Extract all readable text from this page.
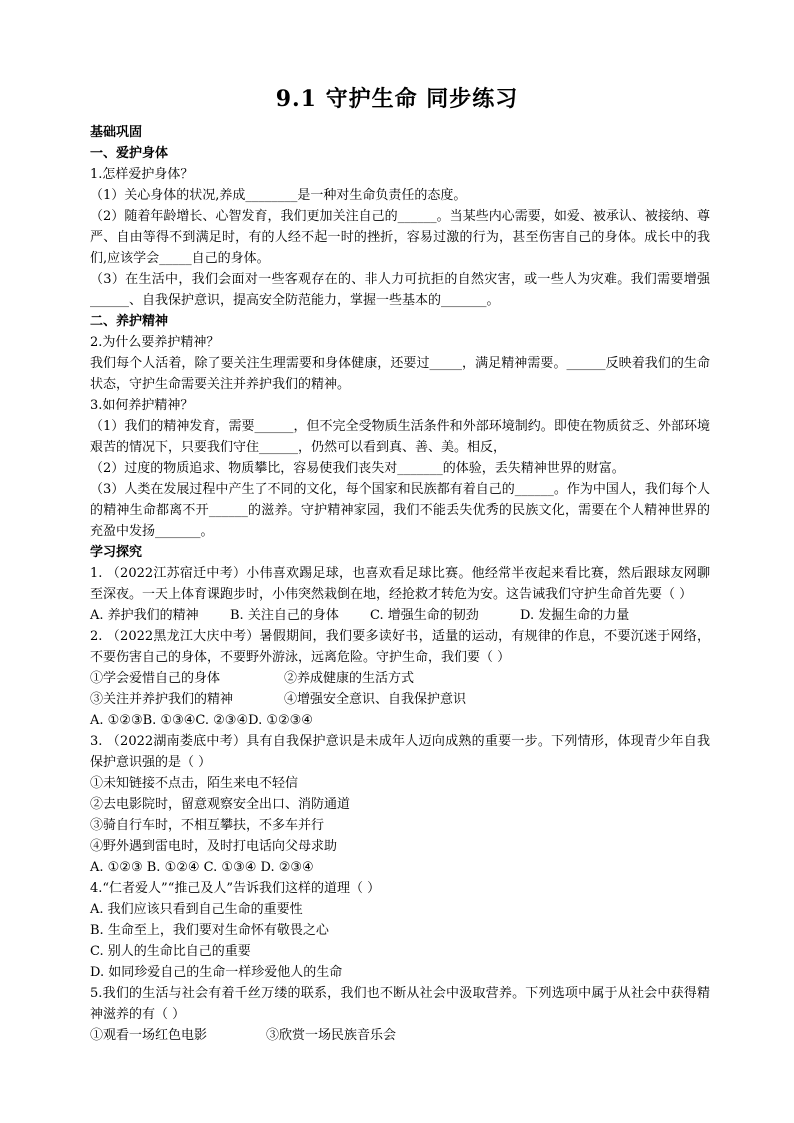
9.1 守护生命 同步练习
基础巩固
一、爱护身体
1.怎样爱护身体？
（1）关心身体的状况,养成________是一种对生命负责任的态度。
（2）随着年龄增长、心智发育，我们更加关注自己的______。当某些内心需要，如爱、被承认、被接纳、尊严、自由等得不到满足时，有的人经不起一时的挫折，容易过激的行为，甚至伤害自己的身体。成长中的我们,应该学会_____自己的身体。
（3）在生活中，我们会面对一些客观存在的、非人力可抗拒的自然灾害，或一些人为灾难。我们需要增强______、自我保护意识，提高安全防范能力，掌握一些基本的_______。
二、养护精神
2.为什么要养护精神？
我们每个人活着，除了要关注生理需要和身体健康，还要过_____，满足精神需要。______反映着我们的生命状态，守护生命需要关注并养护我们的精神。
3.如何养护精神？
（1）我们的精神发育，需要______，但不完全受物质生活条件和外部环境制约。即使在物质贫乏、外部环境艰苦的情况下，只要我们守住______，仍然可以看到真、善、美。相反，
（2）过度的物质追求、物质攀比，容易使我们丧失对_______的体验，丢失精神世界的财富。
（3）人类在发展过程中产生了不同的文化，每个国家和民族都有着自己的______。作为中国人，我们每个人的精神生命都离不开______的滋养。守护精神家园，我们不能丢失优秀的民族文化，需要在个人精神世界的充盈中发扬_______。
学习探究
1. （2022江苏宿迁中考）小伟喜欢踢足球，也喜欢看足球比赛。他经常半夜起来看比赛，然后跟球友网聊至深夜。一天上体育课跑步时，小伟突然栽倒在地，经抢救才转危为安。这告诫我们守护生命首先要（ ）
A. 养护我们的精神 B. 关注自己的身体 C. 增强生命的韧劲	D. 发掘生命的力量
2. （2022黑龙江大庆中考）暑假期间，我们要多读好书，适量的运动，有规律的作息，不要沉迷于网络，不要伤害自己的身体，不要野外游泳，远离危险。守护生命，我们要（ ）
①学会爱惜自己的身体	②养成健康的生活方式
③关注并养护我们的精神	④增强安全意识、自我保护意识
A. ①②③B. ①③④C. ②③④D. ①②③④
3. （2022湖南娄底中考）具有自我保护意识是未成年人迈向成熟的重要一步。下列情形，体现青少年自我保护意识强的是（ ）
①未知链接不点击，陌生来电不轻信
②去电影院时，留意观察安全出口、消防通道
③骑自行车时，不相互攀扶，不多车并行
④野外遇到雷电时，及时打电话向父母求助
A. ①②③ B. ①②④ C. ①③④ D. ②③④
4.“仁者爱人”“推己及人”告诉我们这样的道理（ ）
A. 我们应该只看到自己生命的重要性
B. 生命至上，我们要对生命怀有敬畏之心
C. 别人的生命比自己的重要
D. 如同珍爱自己的生命一样珍爱他人的生命
5.我们的生活与社会有着千丝万缕的联系，我们也不断从社会中汲取营养。下列选项中属于从社会中获得精神滋养的有（ ）
①观看一场红色电影	③欣赏一场民族音乐会
